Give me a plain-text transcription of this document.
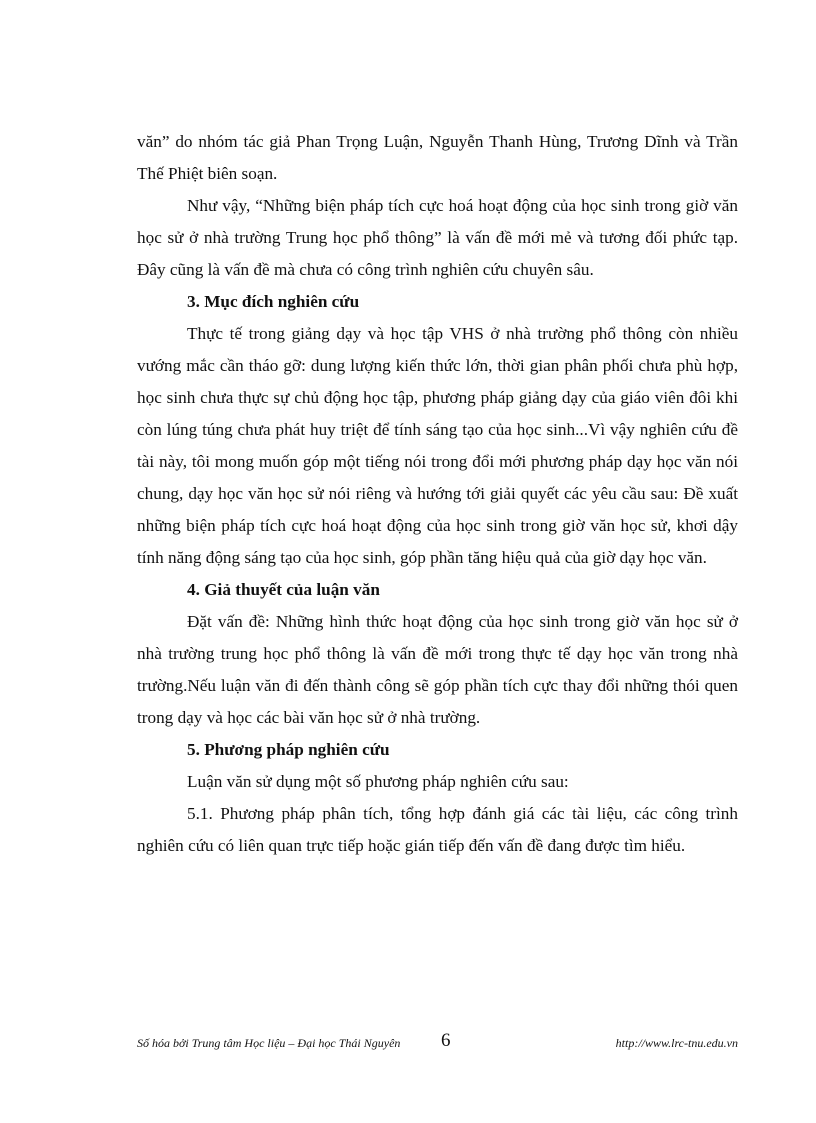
văn” do nhóm tác giả Phan Trọng Luận, Nguyễn Thanh Hùng, Trương Dĩnh và Trần Thế Phiệt biên soạn.

Như vậy, “Những biện pháp tích cực hoá hoạt động của học sinh trong giờ văn học sử ở nhà trường Trung học phổ thông” là vấn đề mới mẻ và tương đối phức tạp. Đây cũng là vấn đề mà chưa có công trình nghiên cứu chuyên sâu.

3. Mục đích nghiên cứu

Thực tế trong giảng dạy và học tập VHS ở nhà trường phổ thông còn nhiều vướng mắc cần tháo gỡ: dung lượng kiến thức lớn, thời gian phân phối chưa phù hợp, học sinh chưa thực sự chủ động học tập, phương pháp giảng dạy của giáo viên đôi khi còn lúng túng chưa phát huy triệt để tính sáng tạo của học sinh...Vì vậy nghiên cứu đề tài này, tôi mong muốn góp một tiếng nói trong đổi mới phương pháp dạy học văn nói chung, dạy học văn học sử nói riêng và hướng tới giải quyết các yêu cầu sau: Đề xuất những biện pháp tích cực hoá hoạt động của học sinh trong giờ văn học sử, khơi dậy tính năng động sáng tạo của học sinh, góp phần tăng hiệu quả của giờ dạy học văn.

4. Giả thuyết của luận văn

Đặt vấn đề: Những hình thức hoạt động của học sinh trong giờ văn học sử ở nhà trường trung học phổ thông là vấn đề mới trong thực tế dạy học văn trong nhà trường.Nếu luận văn đi đến thành công sẽ góp phần tích cực thay đổi những thói quen trong dạy và học các bài văn học sử ở nhà trường.

5. Phương pháp nghiên cứu

Luận văn sử dụng một số phương pháp nghiên cứu sau:

5.1. Phương pháp phân tích, tổng hợp đánh giá các tài liệu, các công trình nghiên cứu có liên quan trực tiếp hoặc gián tiếp đến vấn đề đang được tìm hiểu.

Số hóa bởi Trung tâm Học liệu – Đại học Thái Nguyên 6	http://www.lrc-tnu.edu.vn
